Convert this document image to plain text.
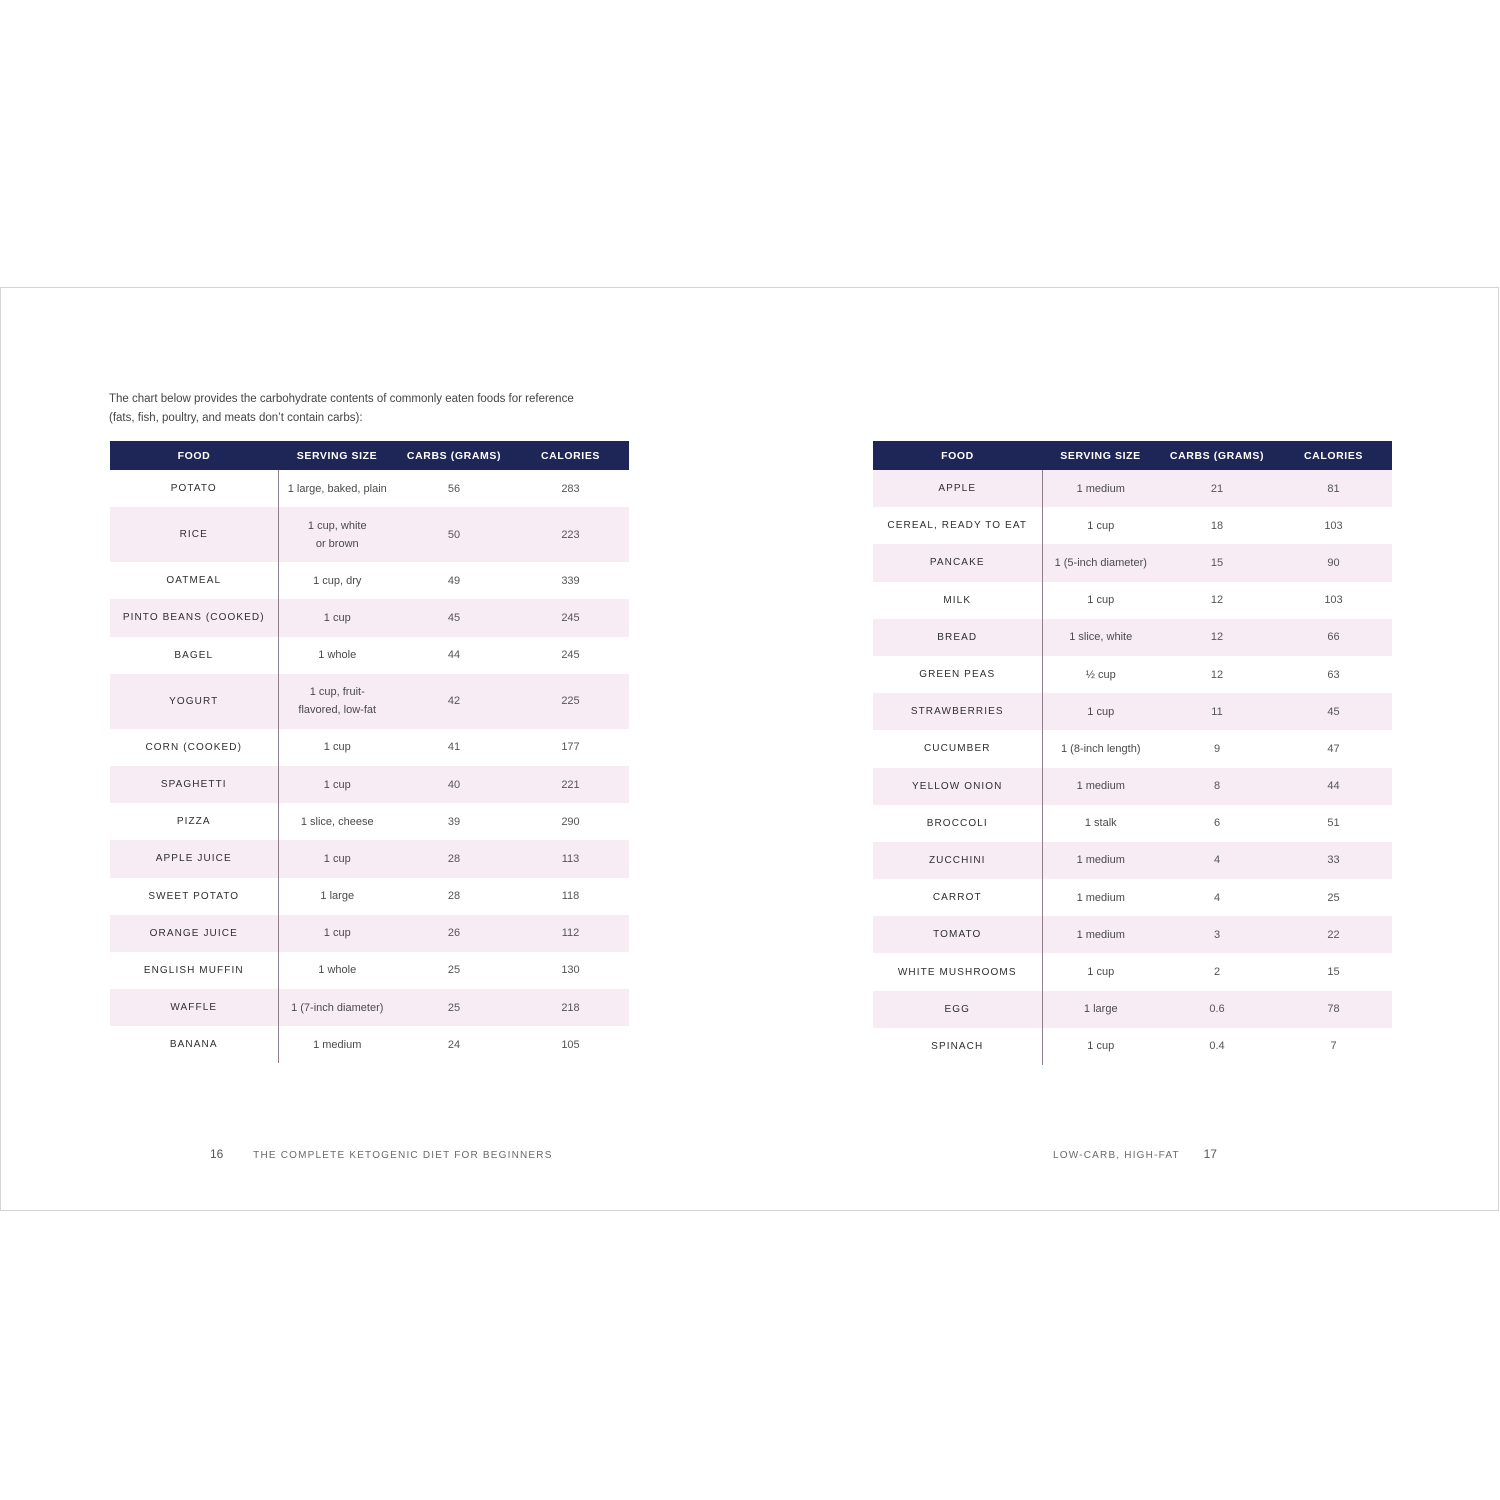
The chart below provides the carbohydrate contents of commonly eaten foods for reference (fats, fish, poultry, and meats don’t contain carbs):

FOOD	SERVING SIZE	CARBS (GRAMS)	CALORIES
POTATO	1 large, baked, plain	56	283
RICE	1 cup, white
or brown	50	223
OATMEAL	1 cup, dry	49	339
PINTO BEANS (COOKED)	1 cup	45	245
BAGEL	1 whole	44	245
YOGURT	1 cup, fruit-
flavored, low-fat	42	225
CORN (COOKED)	1 cup	41	177
SPAGHETTI	1 cup	40	221
PIZZA	1 slice, cheese	39	290
APPLE JUICE	1 cup	28	113
SWEET POTATO	1 large	28	118
ORANGE JUICE	1 cup	26	112
ENGLISH MUFFIN	1 whole	25	130
WAFFLE	1 (7-inch diameter)	25	218
BANANA	1 medium	24	105
FOOD	SERVING SIZE	CARBS (GRAMS)	CALORIES
APPLE	1 medium	21	81
CEREAL, READY TO EAT	1 cup	18	103
PANCAKE	1 (5-inch diameter)	15	90
MILK	1 cup	12	103
BREAD	1 slice, white	12	66
GREEN PEAS	½ cup	12	63
STRAWBERRIES	1 cup	11	45
CUCUMBER	1 (8-inch length)	9	47
YELLOW ONION	1 medium	8	44
BROCCOLI	1 stalk	6	51
ZUCCHINI	1 medium	4	33
CARROT	1 medium	4	25
TOMATO	1 medium	3	22
WHITE MUSHROOMS	1 cup	2	15
EGG	1 large	0.6	78
SPINACH	1 cup	0.4	7
16	THE COMPLETE KETOGENIC DIET FOR BEGINNERS	LOW-CARB, HIGH-FAT 17
